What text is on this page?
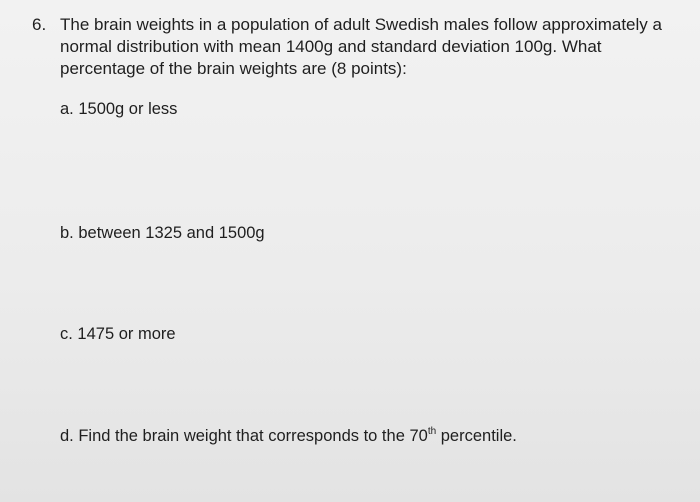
6. The brain weights in a population of adult Swedish males follow approximately a
normal distribution with mean 1400g and standard deviation 100g. What
percentage of the brain weights are (8 points):
a. 1500g or less
b. between 1325 and 1500g
c. 1475 or more
d. Find the brain weight that corresponds to the 70th percentile.
